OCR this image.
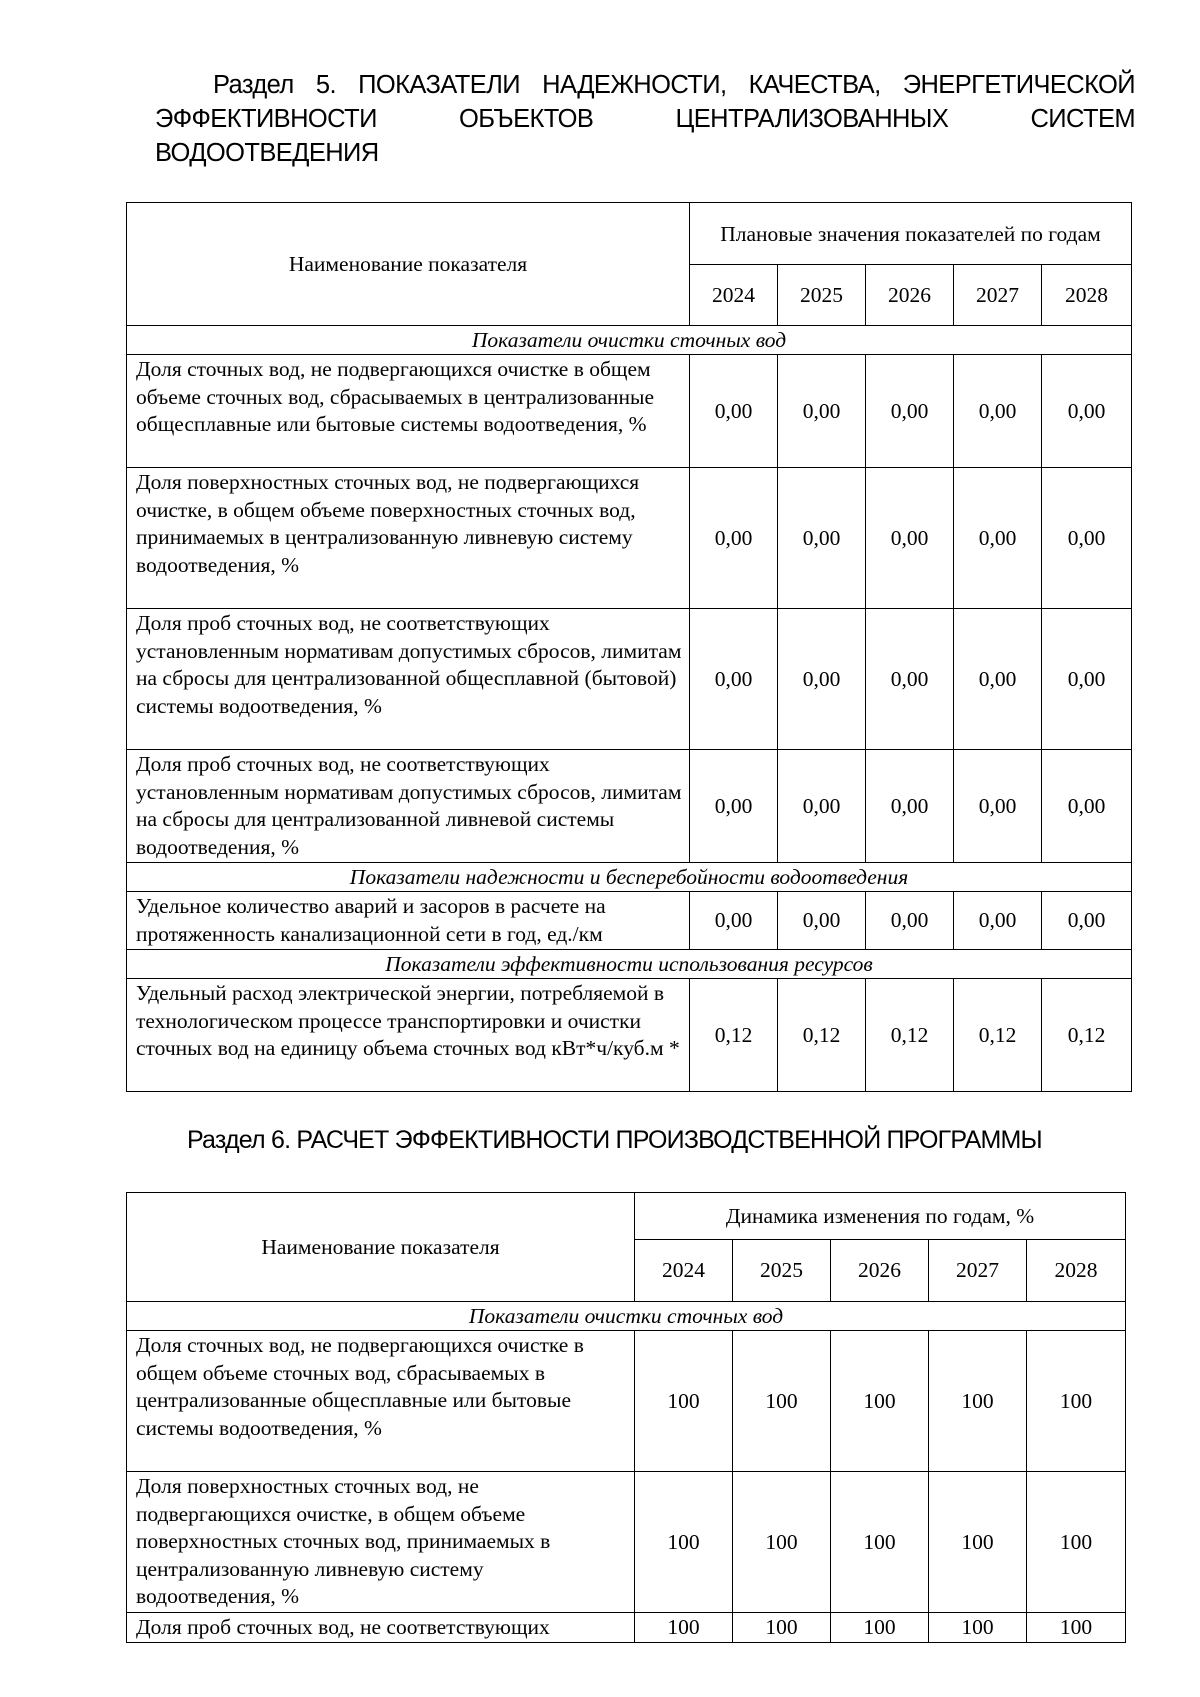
Раздел 5. ПОКАЗАТЕЛИ НАДЕЖНОСТИ, КАЧЕСТВА, ЭНЕРГЕТИЧЕСКОЙ ЭФФЕКТИВНОСТИ ОБЪЕКТОВ ЦЕНТРАЛИЗОВАННЫХ СИСТЕМ ВОДООТВЕДЕНИЯ
Наименование показателя	Плановые значения показателей по годам				
	2024	2025	2026	2027	2028
Показатели очистки сточных вод					
Доля сточных вод, не подвергающихся очистке в общем объеме сточных вод, сбрасываемых в централизованные общесплавные или бытовые системы водоотведения, %	0,00	0,00	0,00	0,00	0,00
Доля поверхностных сточных вод, не подвергающихся очистке, в общем объеме поверхностных сточных вод, принимаемых в централизованную ливневую систему водоотведения, %	0,00	0,00	0,00	0,00	0,00
Доля проб сточных вод, не соответствующих установленным нормативам допустимых сбросов, лимитам на сбросы для централизованной общесплавной (бытовой) системы водоотведения, %	0,00	0,00	0,00	0,00	0,00
Доля проб сточных вод, не соответствующих установленным нормативам допустимых сбросов, лимитам на сбросы для централизованной ливневой системы водоотведения, %	0,00	0,00	0,00	0,00	0,00
Показатели надежности и бесперебойности водоотведения					
Удельное количество аварий и засоров в расчете на протяженность канализационной сети в год, ед./км	0,00	0,00	0,00	0,00	0,00
Показатели эффективности использования ресурсов					
Удельный расход электрической энергии, потребляемой в технологическом процессе транспортировки и очистки сточных вод на единицу объема сточных вод кВт*ч/куб.м *	0,12	0,12	0,12	0,12	0,12
Раздел 6. РАСЧЕТ ЭФФЕКТИВНОСТИ ПРОИЗВОДСТВЕННОЙ ПРОГРАММЫ
Наименование показателя	Динамика изменения по годам, %				
	2024	2025	2026	2027	2028
Показатели очистки сточных вод					
Доля сточных вод, не подвергающихся очистке в общем объеме сточных вод, сбрасываемых в централизованные общесплавные или бытовые системы водоотведения, %	100	100	100	100	100
Доля поверхностных сточных вод, не подвергающихся очистке, в общем объеме поверхностных сточных вод, принимаемых в централизованную ливневую систему водоотведения, %	100	100	100	100	100
Доля проб сточных вод, не соответствующих	100	100	100	100	100
